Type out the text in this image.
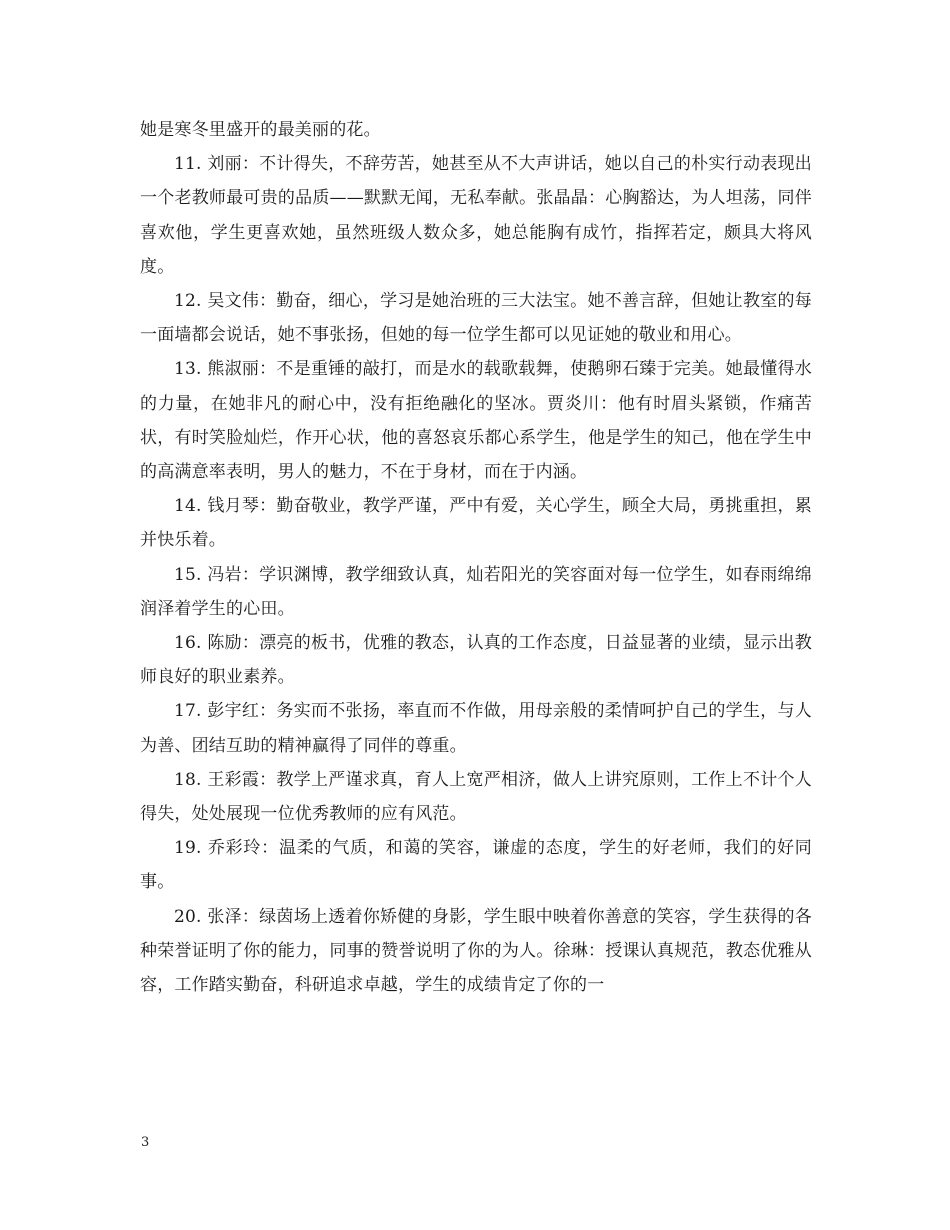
她是寒冬里盛开的最美丽的花。

11. 刘丽：不计得失，不辞劳苦，她甚至从不大声讲话，她以自己的朴实行动表现出一个老教师最可贵的品质——默默无闻，无私奉献。张晶晶：心胸豁达，为人坦荡，同伴喜欢他，学生更喜欢她，虽然班级人数众多，她总能胸有成竹，指挥若定，颇具大将风度。

12. 吴文伟：勤奋，细心，学习是她治班的三大法宝。她不善言辞，但她让教室的每一面墙都会说话，她不事张扬，但她的每一位学生都可以见证她的敬业和用心。

13. 熊淑丽：不是重锤的敲打，而是水的载歌载舞，使鹅卵石臻于完美。她最懂得水的力量，在她非凡的耐心中，没有拒绝融化的坚冰。贾炎川：他有时眉头紧锁，作痛苦状，有时笑脸灿烂，作开心状，他的喜怒哀乐都心系学生，他是学生的知己，他在学生中的高满意率表明，男人的魅力，不在于身材，而在于内涵。

14. 钱月琴：勤奋敬业，教学严谨，严中有爱，关心学生，顾全大局，勇挑重担，累并快乐着。

15. 冯岩：学识渊博，教学细致认真，灿若阳光的笑容面对每一位学生，如春雨绵绵润泽着学生的心田。

16. 陈励：漂亮的板书，优雅的教态，认真的工作态度，日益显著的业绩，显示出教师良好的职业素养。

17. 彭宇红：务实而不张扬，率直而不作做，用母亲般的柔情呵护自己的学生，与人为善、团结互助的精神赢得了同伴的尊重。

18. 王彩霞：教学上严谨求真，育人上宽严相济，做人上讲究原则，工作上不计个人得失，处处展现一位优秀教师的应有风范。

19. 乔彩玲：温柔的气质，和蔼的笑容，谦虚的态度，学生的好老师，我们的好同事。

20. 张泽：绿茵场上透着你矫健的身影，学生眼中映着你善意的笑容，学生获得的各种荣誉证明了你的能力，同事的赞誉说明了你的为人。徐琳：授课认真规范，教态优雅从容，工作踏实勤奋，科研追求卓越，学生的成绩肯定了你的一

3
